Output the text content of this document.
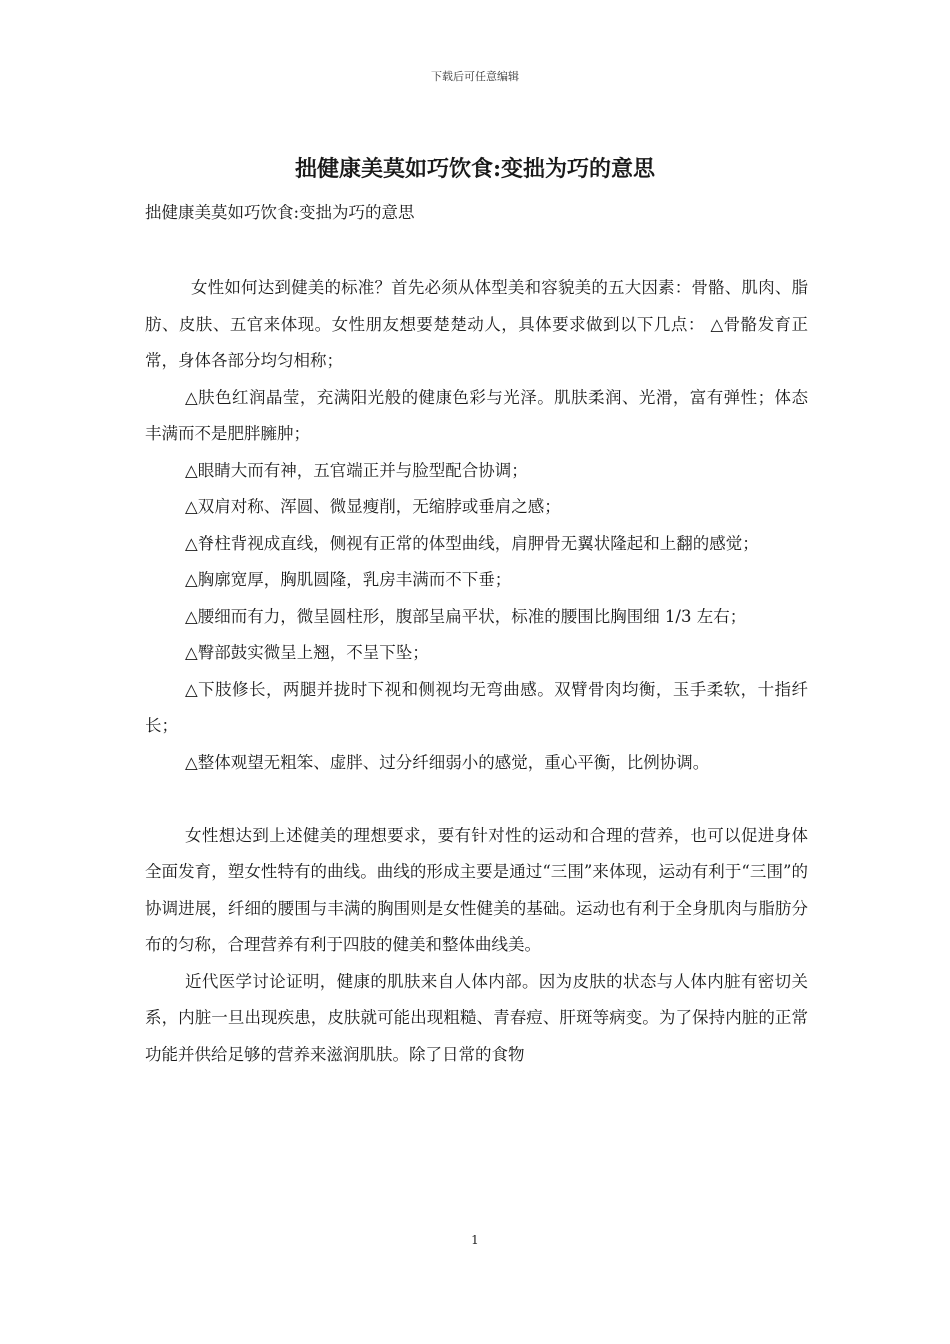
下载后可任意编辑
拙健康美莫如巧饮食:变拙为巧的意思
拙健康美莫如巧饮食:变拙为巧的意思

女性如何达到健美的标准？首先必须从体型美和容貌美的五大因素：骨骼、肌肉、脂肪、皮肤、五官来体现。女性朋友想要楚楚动人，具体要求做到以下几点： △骨骼发育正常，身体各部分均匀相称；

△肤色红润晶莹，充满阳光般的健康色彩与光泽。肌肤柔润、光滑，富有弹性；体态丰满而不是肥胖臃肿；

△眼睛大而有神，五官端正并与脸型配合协调；

△双肩对称、浑圆、微显瘦削，无缩脖或垂肩之感；

△脊柱背视成直线，侧视有正常的体型曲线，肩胛骨无翼状隆起和上翻的感觉；

△胸廓宽厚，胸肌圆隆，乳房丰满而不下垂；

△腰细而有力，微呈圆柱形，腹部呈扁平状，标准的腰围比胸围细 1/3 左右；

△臀部鼓实微呈上翘，不呈下坠；

△下肢修长，两腿并拢时下视和侧视均无弯曲感。双臂骨肉均衡，玉手柔软，十指纤长；

△整体观望无粗笨、虚胖、过分纤细弱小的感觉，重心平衡，比例协调。

女性想达到上述健美的理想要求，要有针对性的运动和合理的营养，也可以促进身体全面发育，塑女性特有的曲线。曲线的形成主要是通过“三围”来体现，运动有利于“三围”的协调进展，纤细的腰围与丰满的胸围则是女性健美的基础。运动也有利于全身肌肉与脂肪分布的匀称，合理营养有利于四肢的健美和整体曲线美。

近代医学讨论证明，健康的肌肤来自人体内部。因为皮肤的状态与人体内脏有密切关系，内脏一旦出现疾患，皮肤就可能出现粗糙、青春痘、肝斑等病变。为了保持内脏的正常功能并供给足够的营养来滋润肌肤。除了日常的食物

1
